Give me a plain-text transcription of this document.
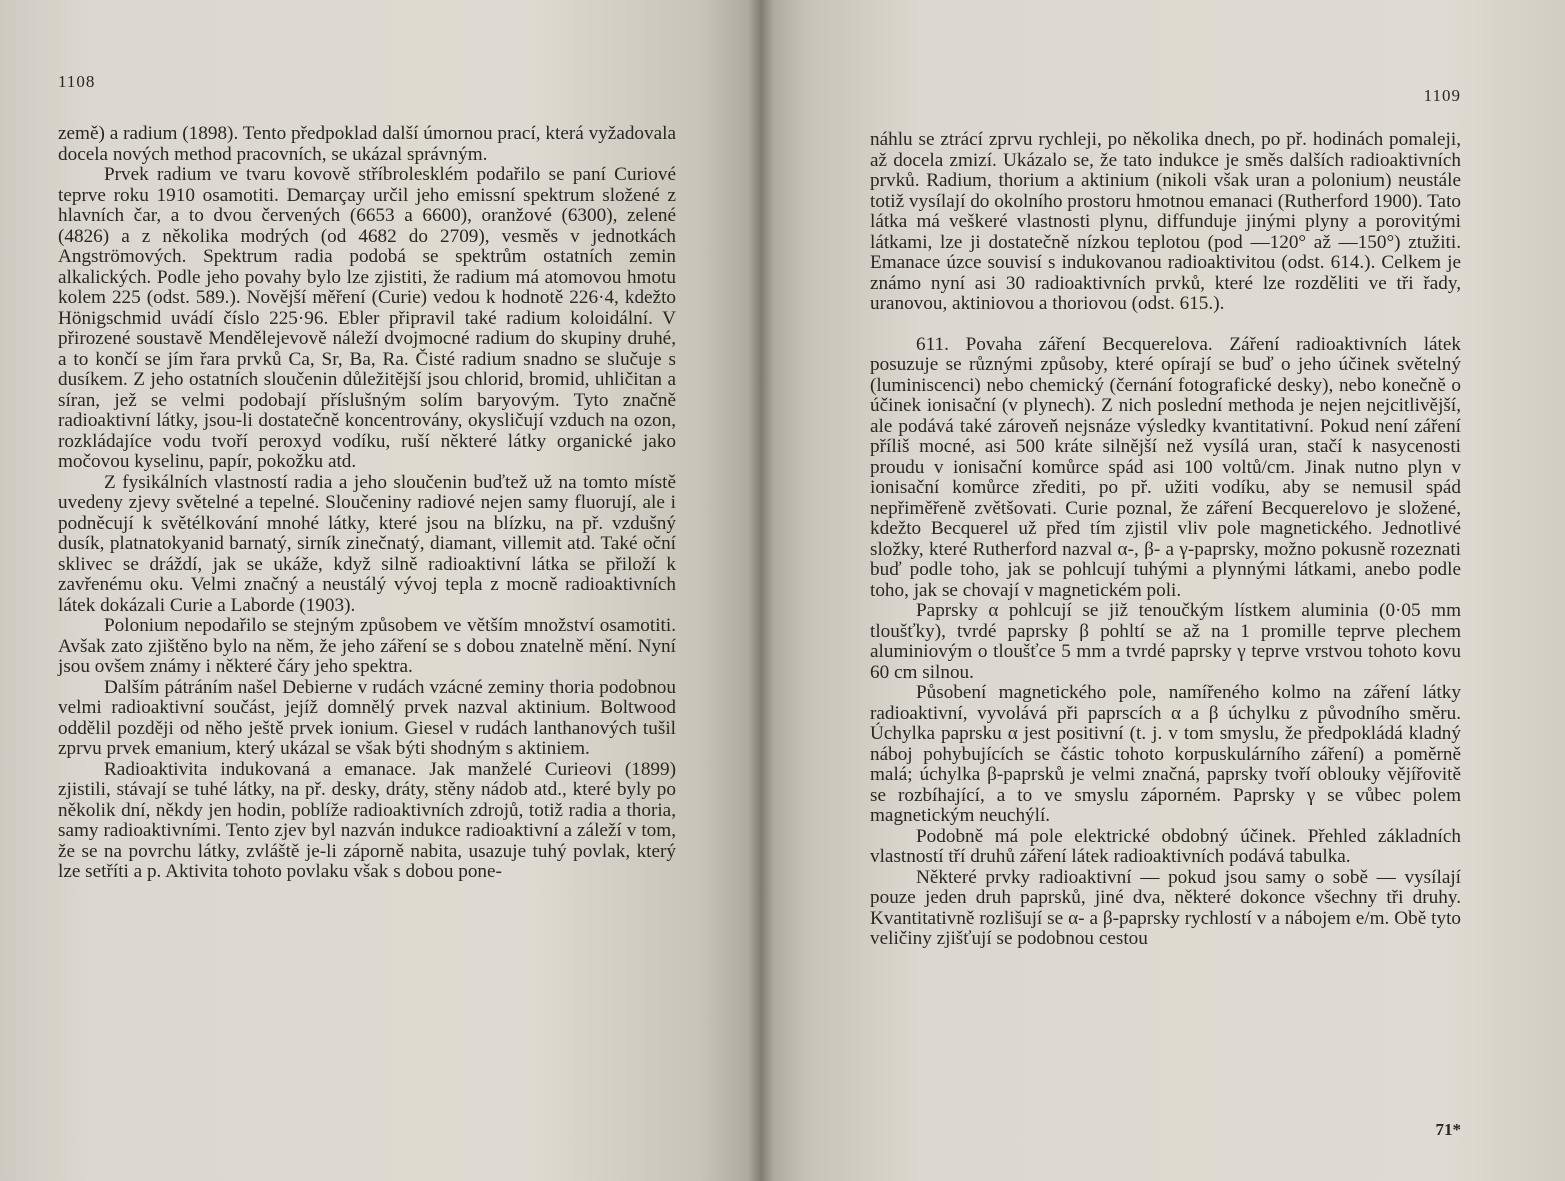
1108

země) a radium (1898). Tento předpoklad další úmornou prací, která vyžadovala docela nových method pracovních, se ukázal správným.

Prvek radium ve tvaru kovově stříbrolesklém podařilo se paní Curiové teprve roku 1910 osamotiti. Demarçay určil jeho emissní spektrum složené z hlavních čar, a to dvou červených (6653 a 6600), oranžové (6300), zelené (4826) a z několika modrých (od 4682 do 2709), vesměs v jednotkách Angströmových. Spektrum radia podobá se spektrům ostatních zemin alkalických. Podle jeho povahy bylo lze zjistiti, že radium má atomovou hmotu kolem 225 (odst. 589.). Novější měření (Curie) vedou k hodnotě 226·4, kdežto Hönigschmid uvádí číslo 225·96. Ebler připravil také radium koloidální. V přirozené soustavě Mendělejevově náleží dvojmocné radium do skupiny druhé, a to končí se jím řara prvků Ca, Sr, Ba, Ra. Čisté radium snadno se slučuje s dusíkem. Z jeho ostatních sloučenin důležitější jsou chlorid, bromid, uhličitan a síran, jež se velmi podobají příslušným solím baryovým. Tyto značně radioaktivní látky, jsou-li dostatečně koncentrovány, okysličují vzduch na ozon, rozkládajíce vodu tvoří peroxyd vodíku, ruší některé látky organické jako močovou kyselinu, papír, pokožku atd.

Z fysikálních vlastností radia a jeho sloučenin buďtež už na tomto místě uvedeny zjevy světelné a tepelné. Sloučeniny radiové nejen samy fluorují, ale i podněcují k světélkování mnohé látky, které jsou na blízku, na př. vzdušný dusík, platnatokyanid barnatý, sirník zinečnatý, diamant, villemit atd. Také oční sklivec se dráždí, jak se ukáže, když silně radioaktivní látka se přiloží k zavřenému oku. Velmi značný a neustálý vývoj tepla z mocně radioaktivních látek dokázali Curie a Laborde (1903).

Polonium nepodařilo se stejným způsobem ve větším množství osamotiti. Avšak zato zjištěno bylo na něm, že jeho záření se s dobou znatelně mění. Nyní jsou ovšem známy i některé čáry jeho spektra.

Dalším pátráním našel Debierne v rudách vzácné zeminy thoria podobnou velmi radioaktivní součást, jejíž domnělý prvek nazval aktinium. Boltwood oddělil později od něho ještě prvek ionium. Giesel v rudách lanthanových tušil zprvu prvek emanium, který ukázal se však býti shodným s aktiniem.

Radioaktivita indukovaná a emanace. Jak manželé Curieovi (1899) zjistili, stávají se tuhé látky, na př. desky, dráty, stěny nádob atd., které byly po několik dní, někdy jen hodin, poblíže radioaktivních zdrojů, totiž radia a thoria, samy radioaktivními. Tento zjev byl nazván indukce radioaktivní a záleží v tom, že se na povrchu látky, zvláště je-li záporně nabita, usazuje tuhý povlak, který lze setříti a p. Aktivita tohoto povlaku však s dobou pone-

1109

náhlu se ztrácí zprvu rychleji, po několika dnech, po př. hodinách pomaleji, až docela zmizí. Ukázalo se, že tato indukce je směs dalších radioaktivních prvků. Radium, thorium a aktinium (nikoli však uran a polonium) neustále totiž vysílají do okolního prostoru hmotnou emanaci (Rutherford 1900). Tato látka má veškeré vlastnosti plynu, diffunduje jinými plyny a porovitými látkami, lze ji dostatečně nízkou teplotou (pod —120° až —150°) ztužiti. Emanace úzce souvisí s indukovanou radioaktivitou (odst. 614.). Celkem je známo nyní asi 30 radioaktivních prvků, které lze rozděliti ve tři řady, uranovou, aktiniovou a thoriovou (odst. 615.).

611. Povaha záření Becquerelova. Záření radioaktivních látek posuzuje se různými způsoby, které opírají se buď o jeho účinek světelný (luminiscenci) nebo chemický (černání fotografické desky), nebo konečně o účinek ionisační (v plynech). Z nich poslední methoda je nejen nejcitlivější, ale podává také zároveň nejsnáze výsledky kvantitativní. Pokud není záření příliš mocné, asi 500 kráte silnější než vysílá uran, stačí k nasycenosti proudu v ionisační komůrce spád asi 100 voltů/cm. Jinak nutno plyn v ionisační komůrce zřediti, po př. užiti vodíku, aby se nemusil spád nepřiměřeně zvětšovati. Curie poznal, že záření Becquerelovo je složené, kdežto Becquerel už před tím zjistil vliv pole magnetického. Jednotlivé složky, které Rutherford nazval α-, β- a γ-paprsky, možno pokusně rozeznati buď podle toho, jak se pohlcují tuhými a plynnými látkami, anebo podle toho, jak se chovají v magnetickém poli.

Paprsky α pohlcují se již tenoučkým lístkem aluminia (0·05 mm tloušťky), tvrdé paprsky β pohltí se až na 1 promille teprve plechem aluminiovým o tloušťce 5 mm a tvrdé paprsky γ teprve vrstvou tohoto kovu 60 cm silnou.

Působení magnetického pole, namířeného kolmo na záření látky radioaktivní, vyvolává při paprscích α a β úchylku z původního směru. Úchylka paprsku α jest positivní (t. j. v tom smyslu, že předpokládá kladný náboj pohybujících se částic tohoto korpuskulárního záření) a poměrně malá; úchylka β-paprsků je velmi značná, paprsky tvoří oblouky vějířovitě se rozbíhající, a to ve smyslu záporném. Paprsky γ se vůbec polem magnetickým neuchýlí.

Podobně má pole elektrické obdobný účinek. Přehled základních vlastností tří druhů záření látek radioaktivních podává tabulka.

Některé prvky radioaktivní — pokud jsou samy o sobě — vysílají pouze jeden druh paprsků, jiné dva, některé dokonce všechny tři druhy. Kvantitativně rozlišují se α- a β-paprsky rychlostí v a nábojem e/m. Obě tyto veličiny zjišťují se podobnou cestou

71*
